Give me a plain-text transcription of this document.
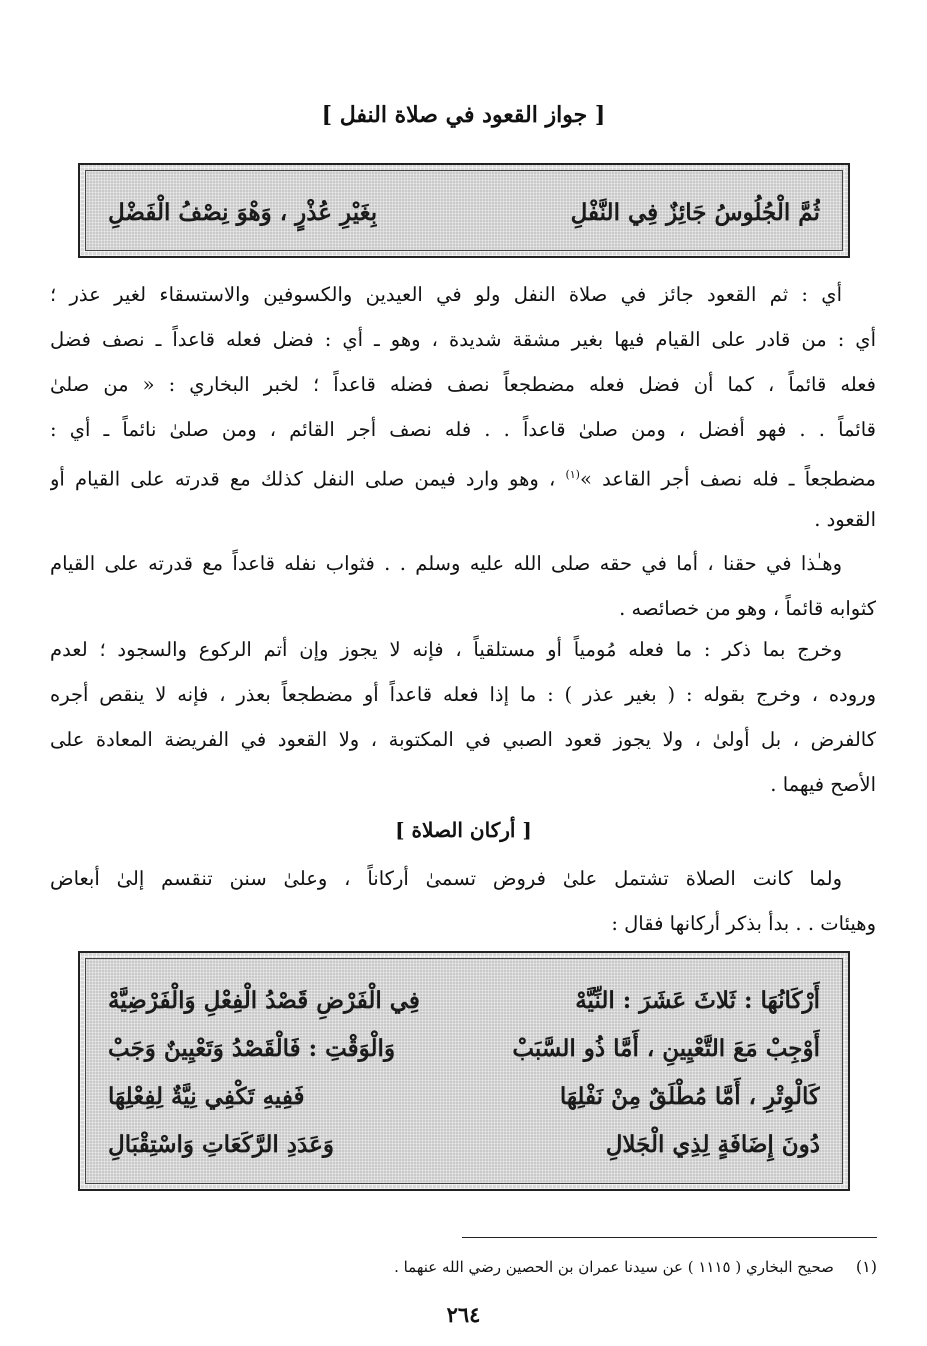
[ جواز القعود في صلاة النفل ]
ثُمَّ الْجُلُوسُ جَائِزٌ فِي النَّفْلِ
بِغَيْرِ عُذْرٍ ، وَهْوَ نِصْفُ الْفَضْلِ
أي : ثم القعود جائز في صلاة النفل ولو في العيدين والكسوفين والاستسقاء لغير عذر ؛
أي : من قادر على القيام فيها بغير مشقة شديدة ، وهو ـ أي : فضل فعله قاعداً ـ نصف فضل
فعله قائماً ، كما أن فضل فعله مضطجعاً نصف فضله قاعداً ؛ لخبر البخاري : « من صلىٰ
قائماً . . فهو أفضل ، ومن صلىٰ قاعداً . . فله نصف أجر القائم ، ومن صلىٰ نائماً ـ أي :
مضطجعاً ـ فله نصف أجر القاعد »$^{(١)}$ ، وهو وارد فيمن صلى النفل كذلك مع قدرته على القيام أو
القعود .
وهـٰذا في حقنا ، أما في حقه صلى الله عليه وسلم . . فثواب نفله قاعداً مع قدرته على القيام
كثوابه قائماً ، وهو من خصائصه .
وخرج بما ذكر : ما فعله مُومياً أو مستلقياً ، فإنه لا يجوز وإن أتم الركوع والسجود ؛ لعدم
وروده ، وخرج بقوله : ( بغير عذر ) : ما إذا فعله قاعداً أو مضطجعاً بعذر ، فإنه لا ينقص أجره
كالفرض ، بل أولىٰ ، ولا يجوز قعود الصبي في المكتوبة ، ولا القعود في الفريضة المعادة على
الأصح فيهما .
[ أركان الصلاة ]
ولما كانت الصلاة تشتمل علىٰ فروض تسمىٰ أركاناً ، وعلىٰ سنن تنقسم إلىٰ أبعاض
وهيئات . . بدأ بذكر أركانها فقال :
أَرْكَانُهَا : ثَلاثَ عَشَرَ : النِّيَّهْ
فِي الْفَرْضِ قَصْدُ الْفِعْلِ وَالْفَرْضِيَّهْ
أَوْجِبْ مَعَ التَّعْيِينِ ، أَمَّا ذُو السَّبَبْ
وَالْوَقْتِ : فَالْقَصْدُ وَتَعْيِينٌ وَجَبْ
كَالْوِتْرِ ، أَمَّا مُطْلَقٌ مِنْ نَفْلِهَا
فَفِيهِ تَكْفِي نِيَّةٌ لِفِعْلِهَا
دُونَ إِضَافَةٍ لِذِي الْجَلالِ
وَعَدَدِ الرَّكَعَاتِ وَاسْتِقْبَالِ
(١)صحيح البخاري ( ١١١٥ ) عن سيدنا عمران بن الحصين رضي الله عنهما .
٢٦٤
